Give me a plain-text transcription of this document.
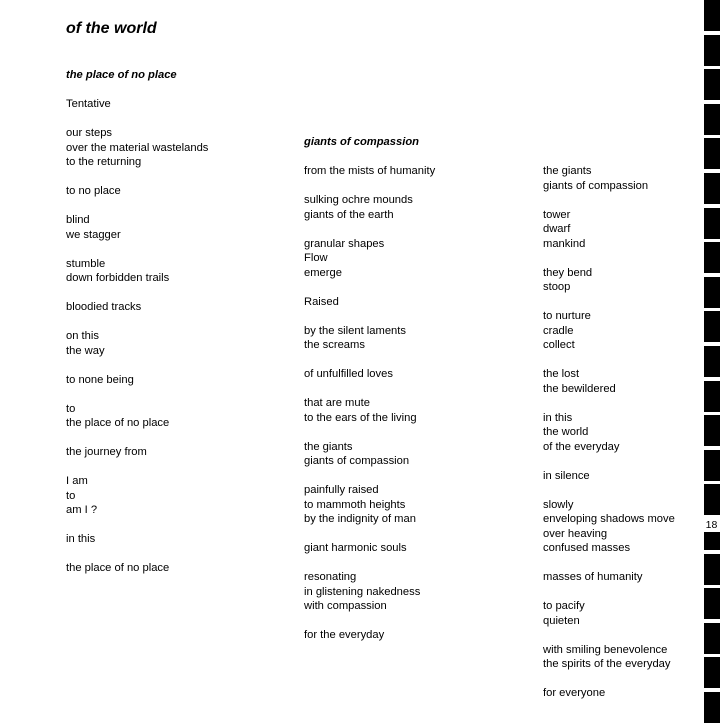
of the world
the place of no place
Tentative
our steps
over the material wastelands
to the returning
to no place
blind
we stagger
stumble
down forbidden trails
bloodied tracks
on this
the way
to none being
to
the place of no place
the journey from
I am
to
am I ?
in this
the place of no place
giants of compassion
from the mists of humanity
sulking ochre mounds
giants of the earth
granular shapes
Flow
emerge
Raised
by the silent laments
the screams
of unfulfilled loves
that are mute
to the ears of the living
the giants
giants of compassion
painfully raised
to mammoth heights
by the indignity of man
giant harmonic souls
resonating
in glistening nakedness
with compassion
for the everyday
the giants
giants of compassion
tower
dwarf
mankind
they bend
stoop
to nurture
cradle
collect
the lost
the bewildered
in this
the world
of the everyday
in silence
slowly
enveloping shadows move
over heaving
confused masses
masses of humanity
to pacify
quieten
with smiling benevolence
the spirits of the everyday
for everyone
18
